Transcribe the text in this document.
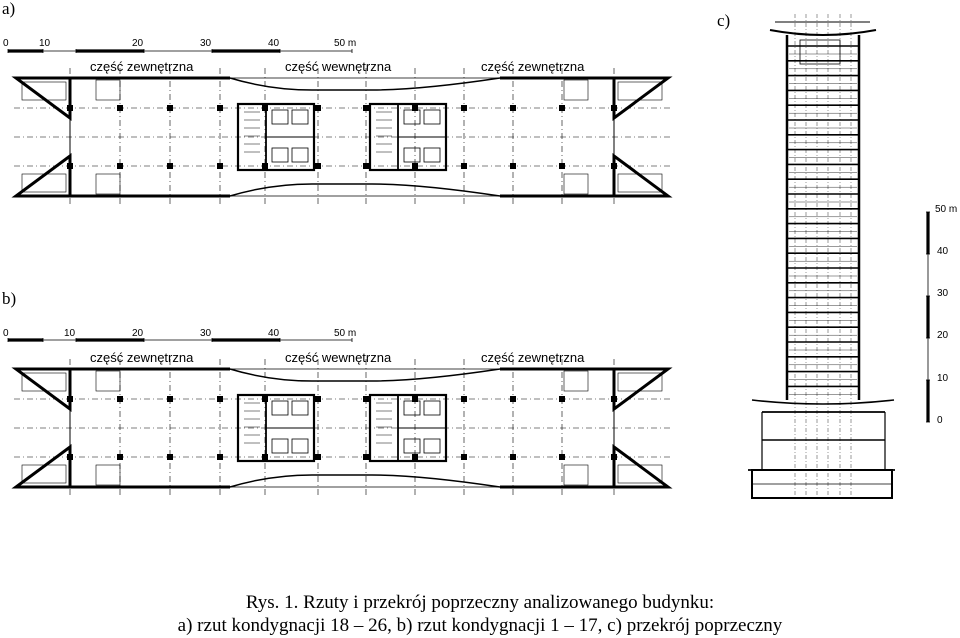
a)
b)
c)
0	10	20	30	40	50 m
0	10	20	30	40	50 m
część zewnętrzna	część wewnętrzna	część zewnętrzna
część zewnętrzna	część wewnętrzna	część zewnętrzna
50 m
40
30
20
10
0
Rys. 1. Rzuty i przekrój poprzeczny analizowanego budynku:
a) rzut kondygnacji 18 – 26, b) rzut kondygnacji 1 – 17, c) przekrój poprzeczny
